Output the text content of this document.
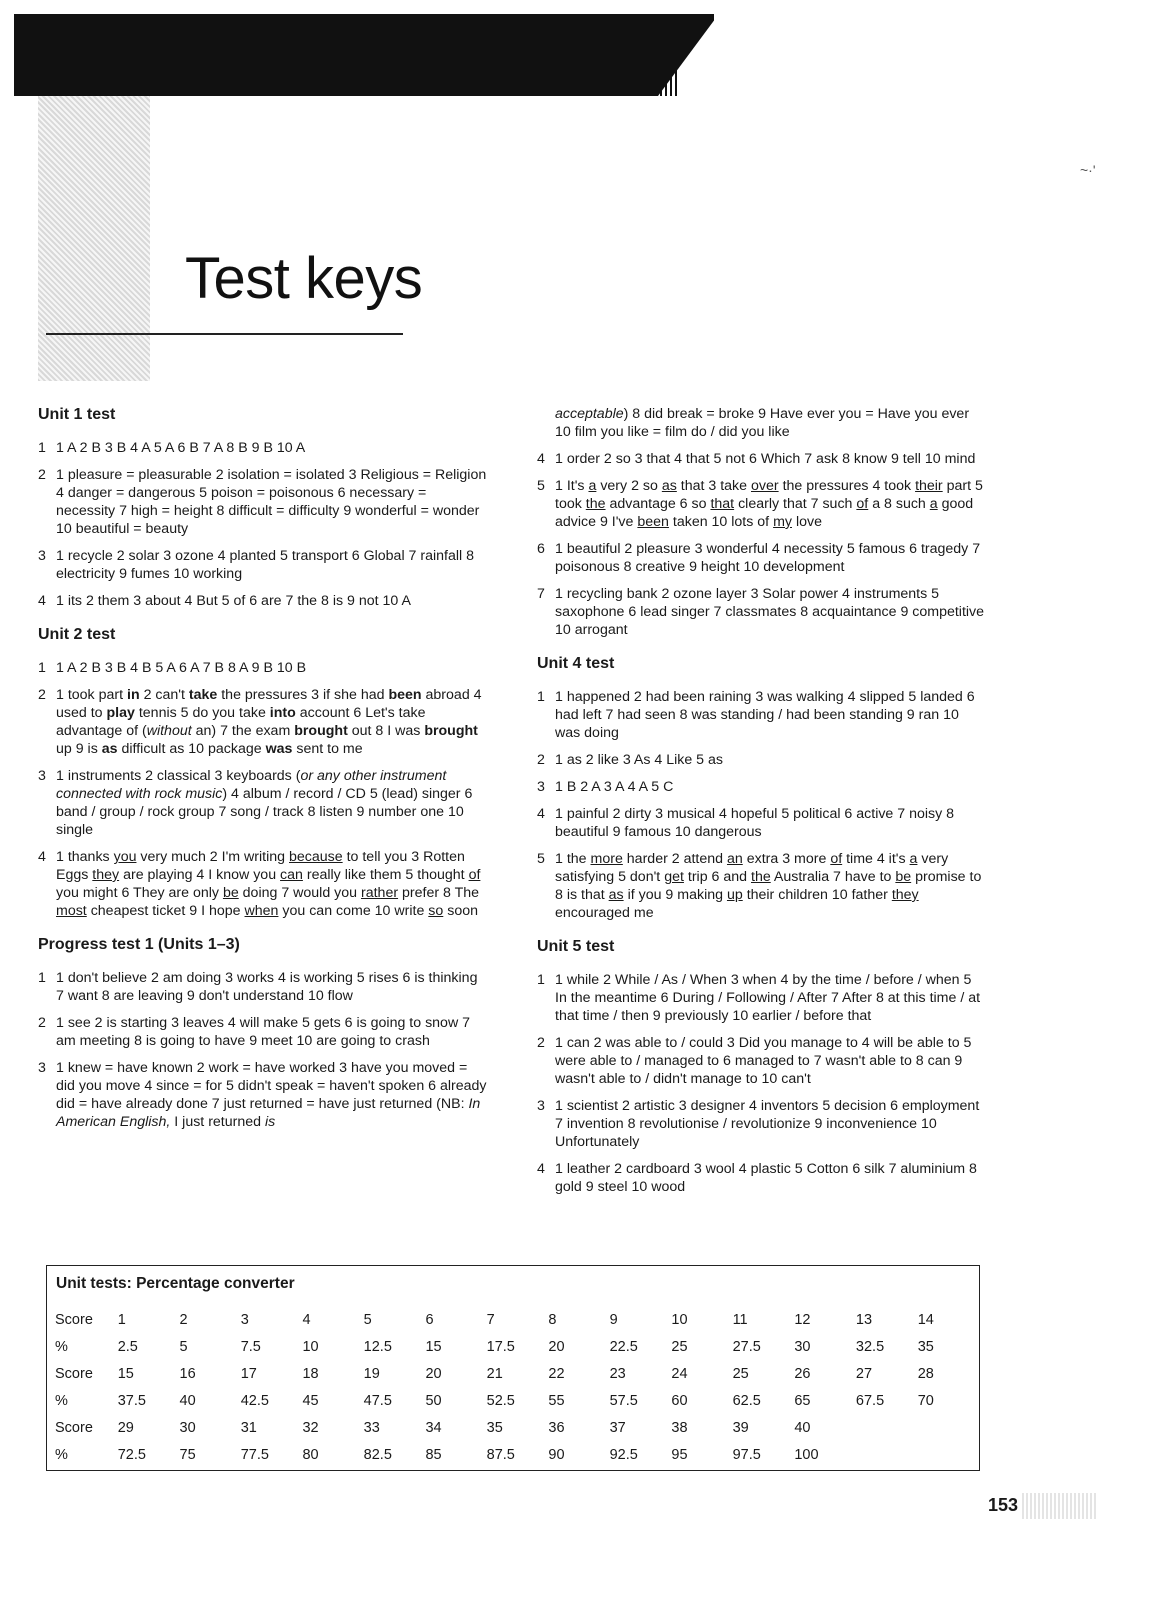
~·'
Test keys
Unit 1 test
1 1 A 2 B 3 B 4 A 5 A 6 B 7 A 8 B 9 B 10 A
2 1 pleasure = pleasurable 2 isolation = isolated 3 Religious = Religion 4 danger = dangerous 5 poison = poisonous 6 necessary = necessity 7 high = height 8 difficult = difficulty 9 wonderful = wonder 10 beautiful = beauty
3 1 recycle 2 solar 3 ozone 4 planted 5 transport 6 Global 7 rainfall 8 electricity 9 fumes 10 working
4 1 its 2 them 3 about 4 But 5 of 6 are 7 the 8 is 9 not 10 A
Unit 2 test
1 1 A 2 B 3 B 4 B 5 A 6 A 7 B 8 A 9 B 10 B
2 1 took part in 2 can't take the pressures 3 if she had been abroad 4 used to play tennis 5 do you take into account 6 Let's take advantage of (without an) 7 the exam brought out 8 I was brought up 9 is as difficult as 10 package was sent to me
3 1 instruments 2 classical 3 keyboards (or any other instrument connected with rock music) 4 album / record / CD 5 (lead) singer 6 band / group / rock group 7 song / track 8 listen 9 number one 10 single
4 1 thanks you very much 2 I'm writing because to tell you 3 Rotten Eggs they are playing 4 I know you can really like them 5 thought of you might 6 They are only be doing 7 would you rather prefer 8 The most cheapest ticket 9 I hope when you can come 10 write so soon
Progress test 1 (Units 1–3)
1 1 don't believe 2 am doing 3 works 4 is working 5 rises 6 is thinking 7 want 8 are leaving 9 don't understand 10 flow
2 1 see 2 is starting 3 leaves 4 will make 5 gets 6 is going to snow 7 am meeting 8 is going to have 9 meet 10 are going to crash
3 1 knew = have known 2 work = have worked 3 have you moved = did you move 4 since = for 5 didn't speak = haven't spoken 6 already did = have already done 7 just returned = have just returned (NB: In American English, I just returned is
acceptable) 8 did break = broke 9 Have ever you = Have you ever 10 film you like = film do / did you like
4 1 order 2 so 3 that 4 that 5 not 6 Which 7 ask 8 know 9 tell 10 mind
5 1 It's a very 2 so as that 3 take over the pressures 4 took their part 5 took the advantage 6 so that clearly that 7 such of a 8 such a good advice 9 I've been taken 10 lots of my love
6 1 beautiful 2 pleasure 3 wonderful 4 necessity 5 famous 6 tragedy 7 poisonous 8 creative 9 height 10 development
7 1 recycling bank 2 ozone layer 3 Solar power 4 instruments 5 saxophone 6 lead singer 7 classmates 8 acquaintance 9 competitive 10 arrogant
Unit 4 test
1 1 happened 2 had been raining 3 was walking 4 slipped 5 landed 6 had left 7 had seen 8 was standing / had been standing 9 ran 10 was doing
2 1 as 2 like 3 As 4 Like 5 as
3 1 B 2 A 3 A 4 A 5 C
4 1 painful 2 dirty 3 musical 4 hopeful 5 political 6 active 7 noisy 8 beautiful 9 famous 10 dangerous
5 1 the more harder 2 attend an extra 3 more of time 4 it's a very satisfying 5 don't get trip 6 and the Australia 7 have to be promise to 8 is that as if you 9 making up their children 10 father they encouraged me
Unit 5 test
1 1 while 2 While / As / When 3 when 4 by the time / before / when 5 In the meantime 6 During / Following / After 7 After 8 at this time / at that time / then 9 previously 10 earlier / before that
2 1 can 2 was able to / could 3 Did you manage to 4 will be able to 5 were able to / managed to 6 managed to 7 wasn't able to 8 can 9 wasn't able to / didn't manage to 10 can't
3 1 scientist 2 artistic 3 designer 4 inventors 5 decision 6 employment 7 invention 8 revolutionise / revolutionize 9 inconvenience 10 Unfortunately
4 1 leather 2 cardboard 3 wool 4 plastic 5 Cotton 6 silk 7 aluminium 8 gold 9 steel 10 wood
Unit tests: Percentage converter
Score	1	2	3	4	5	6	7	8	9	10	11	12	13	14
%	2.5	5	7.5	10	12.5	15	17.5	20	22.5	25	27.5	30	32.5	35
Score	15	16	17	18	19	20	21	22	23	24	25	26	27	28
%	37.5	40	42.5	45	47.5	50	52.5	55	57.5	60	62.5	65	67.5	70
Score	29	30	31	32	33	34	35	36	37	38	39	40		
%	72.5	75	77.5	80	82.5	85	87.5	90	92.5	95	97.5	100		
153
